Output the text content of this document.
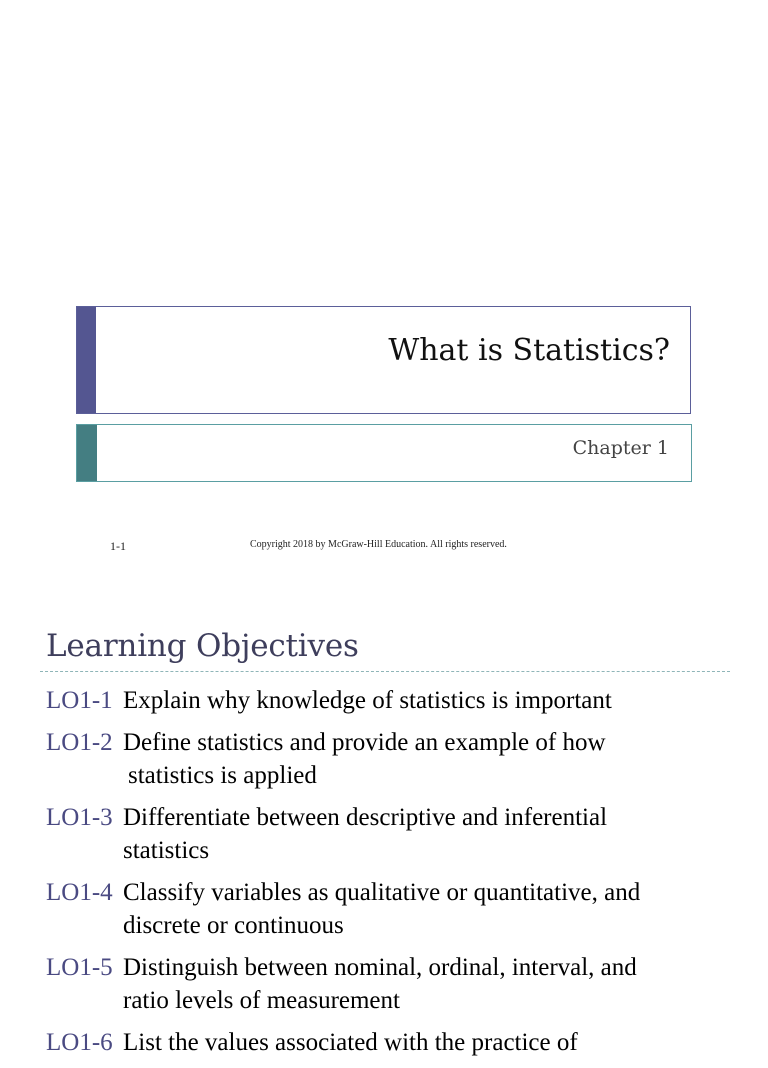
What is Statistics?
Chapter 1
1-1	Copyright 2018 by McGraw-Hill Education. All rights reserved.
Learning Objectives
LO1-1 Explain why knowledge of statistics is important
LO1-2 Define statistics and provide an example of how
statistics is applied
LO1-3 Differentiate between descriptive and inferential
statistics
LO1-4 Classify variables as qualitative or quantitative, and
discrete or continuous
LO1-5 Distinguish between nominal, ordinal, interval, and
ratio levels of measurement
LO1-6 List the values associated with the practice of
